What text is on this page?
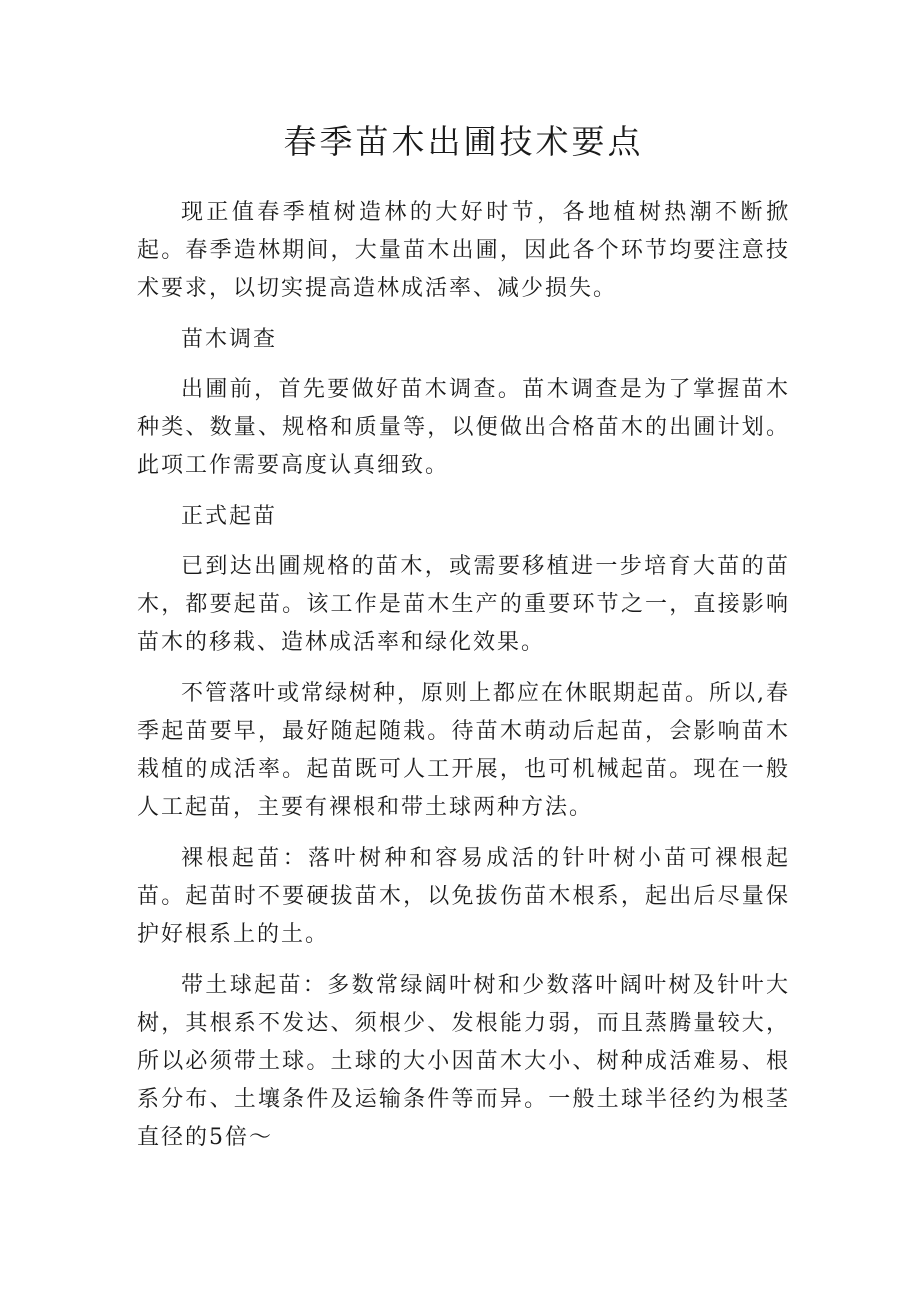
春季苗木出圃技术要点

现正值春季植树造林的大好时节，各地植树热潮不断掀起。春季造林期间，大量苗木出圃，因此各个环节均要注意技术要求，以切实提高造林成活率、减少损失。

苗木调查

出圃前，首先要做好苗木调查。苗木调查是为了掌握苗木种类、数量、规格和质量等，以便做出合格苗木的出圃计划。此项工作需要高度认真细致。

正式起苗

已到达出圃规格的苗木，或需要移植进一步培育大苗的苗木，都要起苗。该工作是苗木生产的重要环节之一，直接影响苗木的移栽、造林成活率和绿化效果。

不管落叶或常绿树种，原则上都应在休眠期起苗。所以,春季起苗要早，最好随起随栽。待苗木萌动后起苗，会影响苗木栽植的成活率。起苗既可人工开展，也可机械起苗。现在一般人工起苗，主要有裸根和带土球两种方法。

裸根起苗：落叶树种和容易成活的针叶树小苗可裸根起苗。起苗时不要硬拔苗木，以免拔伤苗木根系，起出后尽量保护好根系上的土。

带土球起苗：多数常绿阔叶树和少数落叶阔叶树及针叶大树，其根系不发达、须根少、发根能力弱，而且蒸腾量较大，所以必须带土球。土球的大小因苗木大小、树种成活难易、根系分布、土壤条件及运输条件等而异。一般土球半径约为根茎直径的5倍～
